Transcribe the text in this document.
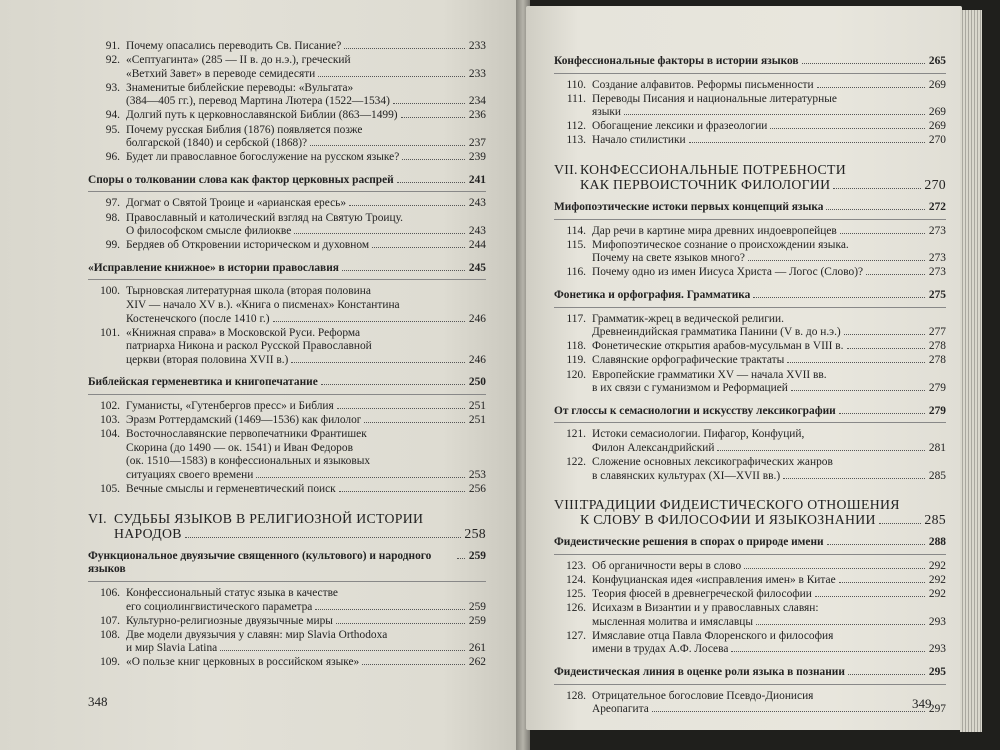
91. Почему опасались переводить Св. Писание?	233
92. «Септуагинта» (285 — II в. до н.э.), греческий
«Ветхий Завет» в переводе семидесяти	233
93. Знаменитые библейские переводы: «Вульгата»
(384—405 гг.), перевод Мартина Лютера (1522—1534)	234
94. Долгий путь к церковнославянской Библии (863—1499)	236
95. Почему русская Библия (1876) появляется позже
болгарской (1840) и сербской (1868)?	237
96. Будет ли православное богослужение на русском языке?	239
Споры о толковании слова как фактор церковных распрей	241
97. Догмат о Святой Троице и «арианская ересь»	243
98. Православный и католический взгляд на Святую Троицу.
О философском смысле филиокве	243
99. Бердяев об Откровении историческом и духовном	244
«Исправление книжное» в истории православия	245
100. Тырновская литературная школа (вторая половина
XIV — начало XV в.). «Книга о писменах» Константина
Костенечского (после 1410 г.)	246
101. «Книжная справа» в Московской Руси. Реформа
патриарха Никона и раскол Русской Православной
церкви (вторая половина XVII в.)	246
Библейская герменевтика и книгопечатание	250
102. Гуманисты, «Гутенбергов пресс» и Библия	251
103. Эразм Роттердамский (1469—1536) как филолог	251
104. Восточнославянские первопечатники Франтишек
Скорина (до 1490 — ок. 1541) и Иван Федоров
(ок. 1510—1583) в конфессиональных и языковых
ситуациях своего времени	253
105. Вечные смыслы и герменевтический поиск	256
VI. СУДЬБЫ ЯЗЫКОВ В РЕЛИГИОЗНОЙ ИСТОРИИ
НАРОДОВ	258
Функциональное двуязычие священного (культового) и народного языков
259
106. Конфессиональный статус языка в качестве
его социолингвистического параметра	259
107. Культурно-религиозные двуязычные миры	259
108. Две модели двуязычия у славян: мир Slavia Orthodoxa
и мир Slavia Latina	261
109. «О пользе книг церковных в российском языке»	262
348
Конфессиональные факторы в истории языков	265
110. Создание алфавитов. Реформы письменности	269
111. Переводы Писания и национальные литературные
языки	269
112. Обогащение лексики и фразеологии	269
113. Начало стилистики	270
VII. КОНФЕССИОНАЛЬНЫЕ ПОТРЕБНОСТИ
КАК ПЕРВОИСТОЧНИК ФИЛОЛОГИИ	270
Мифопоэтические истоки первых концепций языка	272
114. Дар речи в картине мира древних индоевропейцев	273
115. Мифопоэтическое сознание о происхождении языка.
Почему на свете языков много?	273
116. Почему одно из имен Иисуса Христа — Логос (Слово)?	273
Фонетика и орфография. Грамматика	275
117. Грамматик-жрец в ведической религии.
Древнеиндийская грамматика Панини (V в. до н.э.)	277
118. Фонетические открытия арабов-мусульман в VIII в.	278
119. Славянские орфографические трактаты	278
120. Европейские грамматики XV — начала XVII вв.
в их связи с гуманизмом и Реформацией	279
От глоссы к семасиологии и искусству лексикографии	279
121. Истоки семасиологии. Пифагор, Конфуций,
Филон Александрийский	281
122. Сложение основных лексикографических жанров
в славянских культурах (XI—XVII вв.)	285
VIII.ТРАДИЦИИ ФИДЕИСТИЧЕСКОГО ОТНОШЕНИЯ
К СЛОВУ В ФИЛОСОФИИ И ЯЗЫКОЗНАНИИ	285
Фидеистические решения в спорах о природе имени	288
123. Об органичности веры в слово	292
124. Конфуцианская идея «исправления имен» в Китае	292
125. Теория фюсей в древнегреческой философии	292
126. Исихазм в Византии и у православных славян:
мысленная молитва и имяславцы	293
127. Имяславие отца Павла Флоренского и философия
имени в трудах А.Ф. Лосева	293
Фидеистическая линия в оценке роли языка в познании	295
128. Отрицательное богословие Псевдо-Дионисия
Ареопагита	297
349
